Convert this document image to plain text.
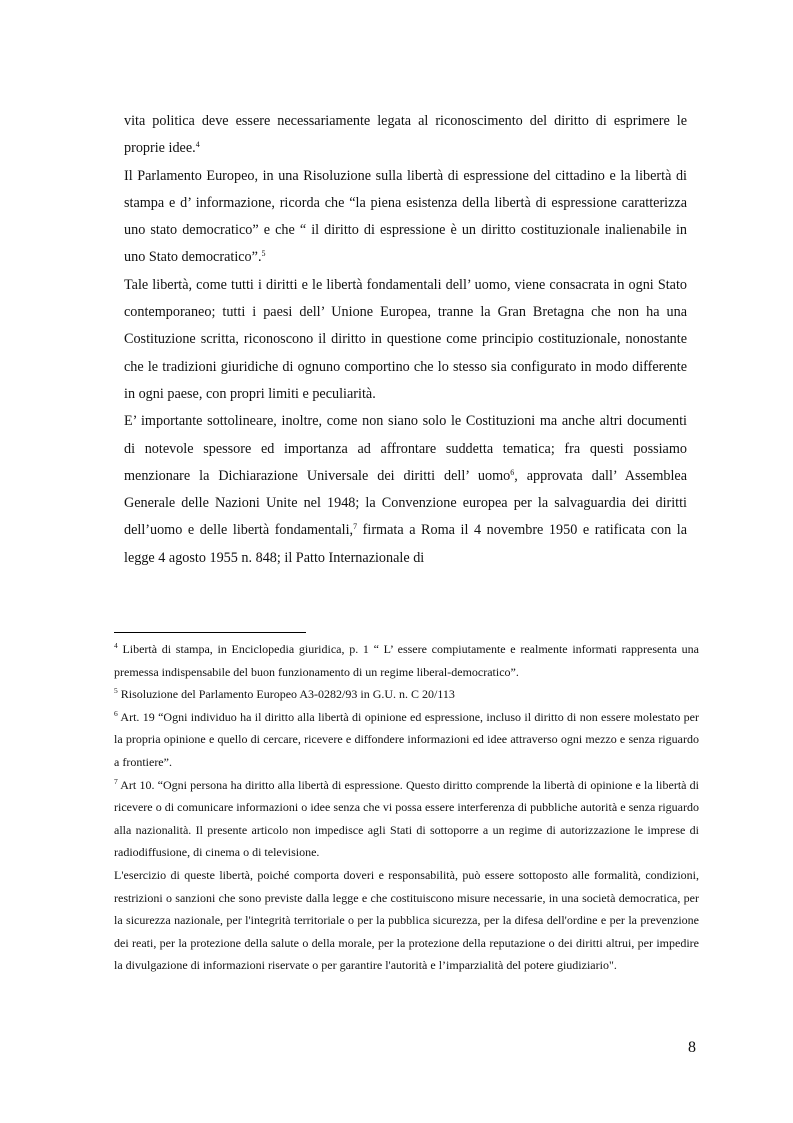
vita politica deve essere necessariamente legata al riconoscimento del diritto di esprimere le proprie idee.$^4$

Il Parlamento Europeo, in una Risoluzione sulla libertà di espressione del cittadino e la libertà di stampa e d’ informazione, ricorda che “la piena esistenza della libertà di espressione caratterizza uno stato democratico” e che “ il diritto di espressione è un diritto costituzionale inalienabile in uno Stato democratico”.$^5$

Tale libertà, come tutti i diritti e le libertà fondamentali dell’ uomo, viene consacrata in ogni Stato contemporaneo; tutti i paesi dell’ Unione Europea, tranne la Gran Bretagna che non ha una Costituzione scritta, riconoscono il diritto in questione come principio costituzionale, nonostante che le tradizioni giuridiche di ognuno comportino che lo stesso sia configurato in modo differente in ogni paese, con propri limiti e peculiarità.

E’ importante sottolineare, inoltre, come non siano solo le Costituzioni ma anche altri documenti di notevole spessore ed importanza ad affrontare suddetta tematica; fra questi possiamo menzionare la Dichiarazione Universale dei diritti dell’ uomo$^6$, approvata dall’ Assemblea Generale delle Nazioni Unite nel 1948; la Convenzione europea per la salvaguardia dei diritti dell’uomo e delle libertà fondamentali,$^7$ firmata a Roma il 4 novembre 1950 e ratificata con la legge 4 agosto 1955 n. 848; il Patto Internazionale di

$^4$ Libertà di stampa, in Enciclopedia giuridica, p. 1 “ L’ essere compiutamente e realmente informati rappresenta una premessa indispensabile del buon funzionamento di un regime liberal-democratico”.

$^5$ Risoluzione del Parlamento Europeo A3-0282/93 in G.U. n. C 20/113

$^6$ Art. 19 “Ogni individuo ha il diritto alla libertà di opinione ed espressione, incluso il diritto di non essere molestato per la propria opinione e quello di cercare, ricevere e diffondere informazioni ed idee attraverso ogni mezzo e senza riguardo a frontiere”.

$^7$ Art 10. “Ogni persona ha diritto alla libertà di espressione. Questo diritto comprende la libertà di opinione e la libertà di ricevere o di comunicare informazioni o idee senza che vi possa essere interferenza di pubbliche autorità e senza riguardo alla nazionalità. Il presente articolo non impedisce agli Stati di sottoporre a un regime di autorizzazione le imprese di radiodiffusione, di cinema o di televisione.

L'esercizio di queste libertà, poiché comporta doveri e responsabilità, può essere sottoposto alle formalità, condizioni, restrizioni o sanzioni che sono previste dalla legge e che costituiscono misure necessarie, in una società democratica, per la sicurezza nazionale, per l'integrità territoriale o per la pubblica sicurezza, per la difesa dell'ordine e per la prevenzione dei reati, per la protezione della salute o della morale, per la protezione della reputazione o dei diritti altrui, per impedire la divulgazione di informazioni riservate o per garantire l'autorità e l’imparzialità del potere giudiziario".

8
